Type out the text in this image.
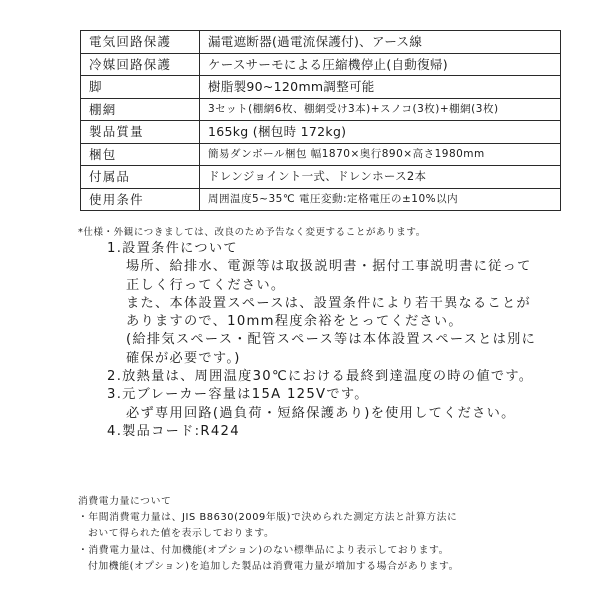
電気回路保護	漏電遮断器(過電流保護付)、アース線
冷媒回路保護	ケースサーモによる圧縮機停止(自動復帰)
脚	樹脂製90~120mm調整可能
棚網	3セット(棚網6枚、棚網受け3本)+スノコ(3枚)+棚網(3枚)
製品質量	165kg (梱包時 172kg)
梱包	簡易ダンボール梱包 幅1870×奥行890×高さ1980mm
付属品	ドレンジョイント一式、ドレンホース2本
使用条件	周囲温度5~35℃ 電圧変動:定格電圧の±10%以内
*仕様・外観につきましては、改良のため予告なく変更することがあります。
1.設置条件について
場所、給排水、電源等は取扱説明書・据付工事説明書に従って
正しく行ってください。
また、本体設置スペースは、設置条件により若干異なることが
ありますので、10mm程度余裕をとってください。
(給排気スペース・配管スペース等は本体設置スペースとは別に
確保が必要です。)
2.放熱量は、周囲温度30℃における最終到達温度の時の値です。
3.元ブレーカー容量は15A 125Vです。
必ず専用回路(過負荷・短絡保護あり)を使用してください。
4.製品コード:R424
消費電力量について
・年間消費電力量は、JIS B8630(2009年版)で決められた測定方法と計算方法に
おいて得られた値を表示しております。
・消費電力量は、付加機能(オプション)のない標準品により表示しております。
付加機能(オプション)を追加した製品は消費電力量が増加する場合があります。
